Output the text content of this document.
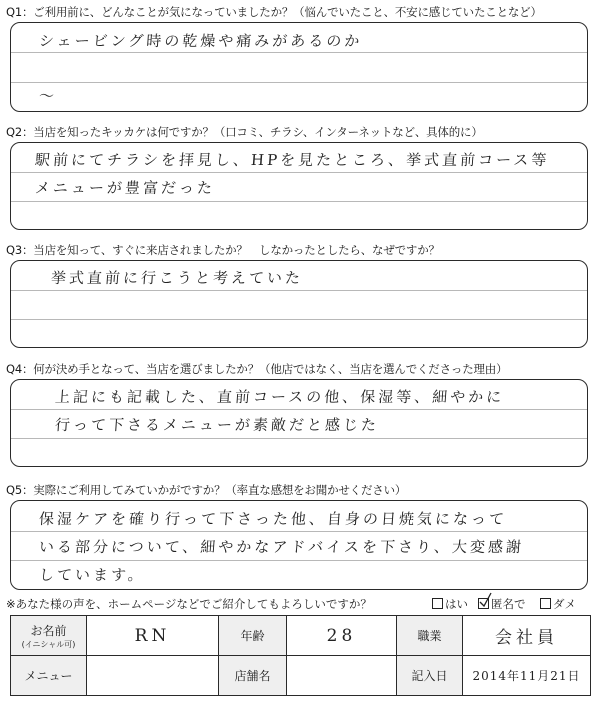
Q1：ご利用前に、どんなことが気になっていましたか？（悩んでいたこと、不安に感じていたことなど）
シェービング時の乾燥や痛みがあるのか
〜
Q2：当店を知ったキッカケは何ですか？（口コミ、チラシ、インターネットなど、具体的に）
駅前にてチラシを拝見し、HPを見たところ、挙式直前コース等
メニューが豊富だった
Q3：当店を知って、すぐに来店されましたか？　しなかったとしたら、なぜですか？
挙式直前に行こうと考えていた
Q4：何が決め手となって、当店を選びましたか？（他店ではなく、当店を選んでくださった理由）
上記にも記載した、直前コースの他、保湿等、細やかに
行って下さるメニューが素敵だと感じた
Q5：実際にご利用してみていかがですか？（率直な感想をお聞かせください）
保湿ケアを確り行って下さった他、自身の日焼気になって
いる部分について、細やかなアドバイスを下さり、大変感謝
しています。
※あなた様の声を、ホームページなどでご紹介してもよろしいですか？	はい	匿名で	ダメ
お名前
(イニシャル可)	RN	年齢	28	職業	会社員
メニュー		店舗名		記入日	2014年11月21日
